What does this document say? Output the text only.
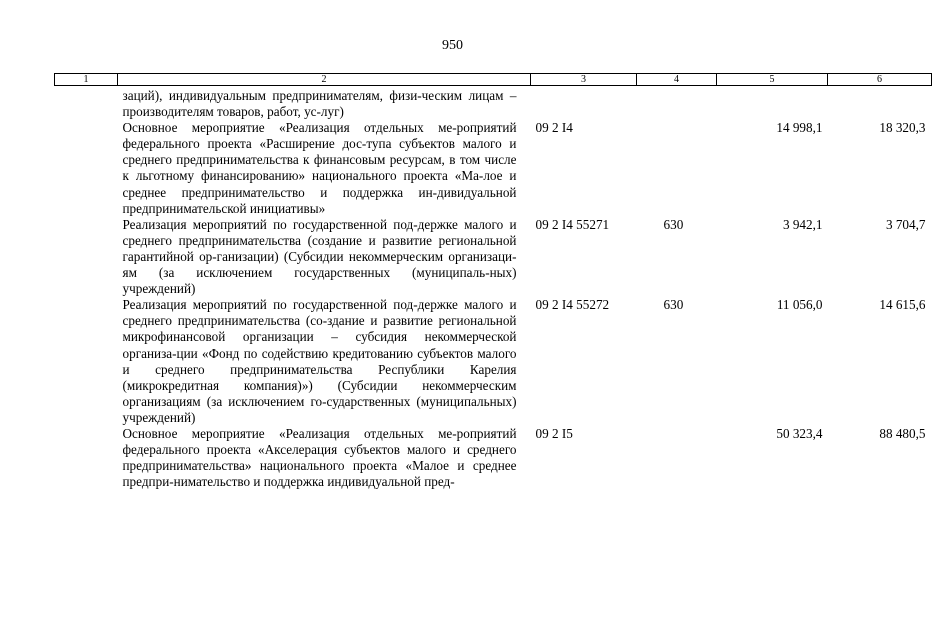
950
1	2	3	4	5	6
	заций), индивидуальным предпринимателям, физи-ческим лицам – производителям товаров, работ, ус-луг)				
	Основное мероприятие «Реализация отдельных ме-роприятий федерального проекта «Расширение дос-тупа субъектов малого и среднего предпринимательства к финансовым ресурсам, в том числе к льготному финансированию» национального проекта «Ма-лое и среднее предпринимательство и поддержка ин-дивидуальной предпринимательской инициативы»	09 2 I4		14 998,1	18 320,3
	Реализация мероприятий по государственной под-держке малого и среднего предпринимательства (создание и развитие региональной гарантийной ор-ганизации) (Субсидии некоммерческим организаци-ям (за исключением государственных (муниципаль-ных) учреждений)	09 2 I4 55271	630	3 942,1	3 704,7
	Реализация мероприятий по государственной под-держке малого и среднего предпринимательства (со-здание и развитие региональной микрофинансовой организации – субсидия некоммерческой организа-ции «Фонд по содействию кредитованию субъектов малого и среднего предпринимательства Республики Карелия (микрокредитная компания)») (Субсидии некоммерческим организациям (за исключением го-сударственных (муниципальных) учреждений)	09 2 I4 55272	630	11 056,0	14 615,6
	Основное мероприятие «Реализация отдельных ме-роприятий федерального проекта «Акселерация субъектов малого и среднего предпринимательства» национального проекта «Малое и среднее предпри-нимательство и поддержка индивидуальной пред-	09 2 I5		50 323,4	88 480,5
